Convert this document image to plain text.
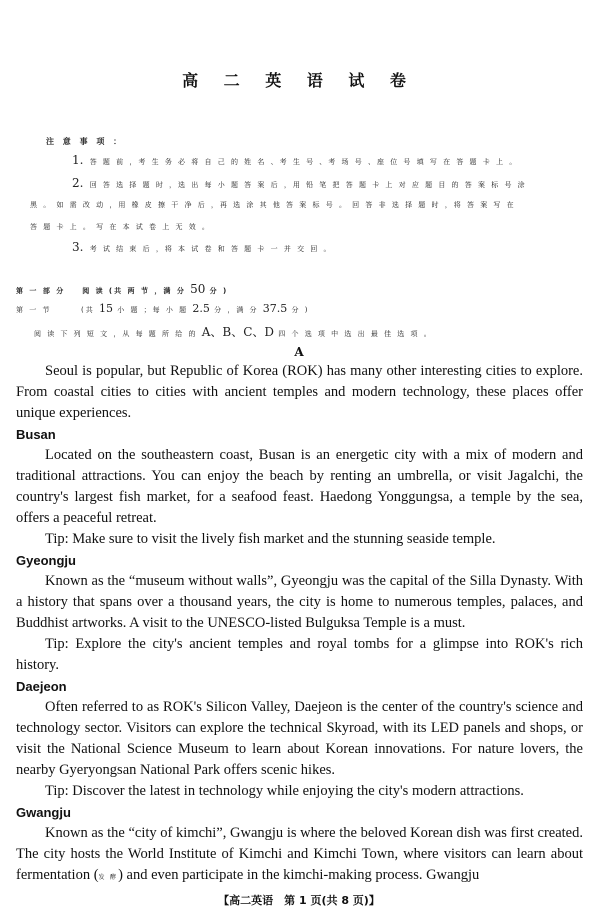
高 二 英 语 试 卷
注 意 事 项 ：
1. 答 题 前 ，考 生 务 必 将 自 己 的 姓 名 、考 生 号 、考 场 号 、座 位 号 填 写 在 答 题 卡 上 。
2. 回 答 选 择 题 时 ，选 出 每 小 题 答 案 后 ，用 铅 笔 把 答 题 卡 上 对 应 题 目 的 答 案 标 号 涂
黑 。 如 需 改 动 ，用 橡 皮 擦 干 净 后 ，再 选 涂 其 他 答 案 标 号 。 回 答 非 选 择 题 时 ，将 答 案 写 在
答 题 卡 上 。 写 在 本 试 卷 上 无 效 。
3. 考 试 结 束 后 ，将 本 试 卷 和 答 题 卡 一 并 交 回 。
第 一 部 分 阅 读 (共 两 节 ，满 分 50 分 )
第 一 节	(共 15 小 题 ；每 小 题 2.5 分 ，满 分 37.5 分 )
阅 读 下 列 短 文 ，从 每 题 所 给 的 A、B、C、D 四 个 选 项 中 选 出 最 佳 选 项 。
A

Seoul is popular, but Republic of Korea (ROK) has many other interesting cities to explore. From coastal cities to cities with ancient temples and modern technology, these places offer unique experiences.

Busan

Located on the southeastern coast, Busan is an energetic city with a mix of modern and traditional attractions. You can enjoy the beach by renting an umbrella, or visit Jagalchi, the country's largest fish market, for a seafood feast. Haedong Yonggungsa, a temple by the sea, offers a peaceful retreat.

Tip: Make sure to visit the lively fish market and the stunning seaside temple.

Gyeongju

Known as the “museum without walls”, Gyeongju was the capital of the Silla Dynasty. With a history that spans over a thousand years, the city is home to numerous temples, palaces, and Buddhist artworks. A visit to the UNESCO-listed Bulguksa Temple is a must.

Tip: Explore the city's ancient temples and royal tombs for a glimpse into ROK's rich history.

Daejeon

Often referred to as ROK's Silicon Valley, Daejeon is the center of the country's science and technology sector. Visitors can explore the technical Skyroad, with its LED panels and shops, or visit the National Science Museum to learn about Korean innovations. For nature lovers, the nearby Gyeryongsan National Park offers scenic hikes.

Tip: Discover the latest in technology while enjoying the city's modern attractions.

Gwangju

Known as the “city of kimchi”, Gwangju is where the beloved Korean dish was first created. The city hosts the World Institute of Kimchi and Kimchi Town, where visitors can learn about fermentation (发 酵) and even participate in the kimchi-making process. Gwangju

【高二英语　第 1 页(共 8 页)】
